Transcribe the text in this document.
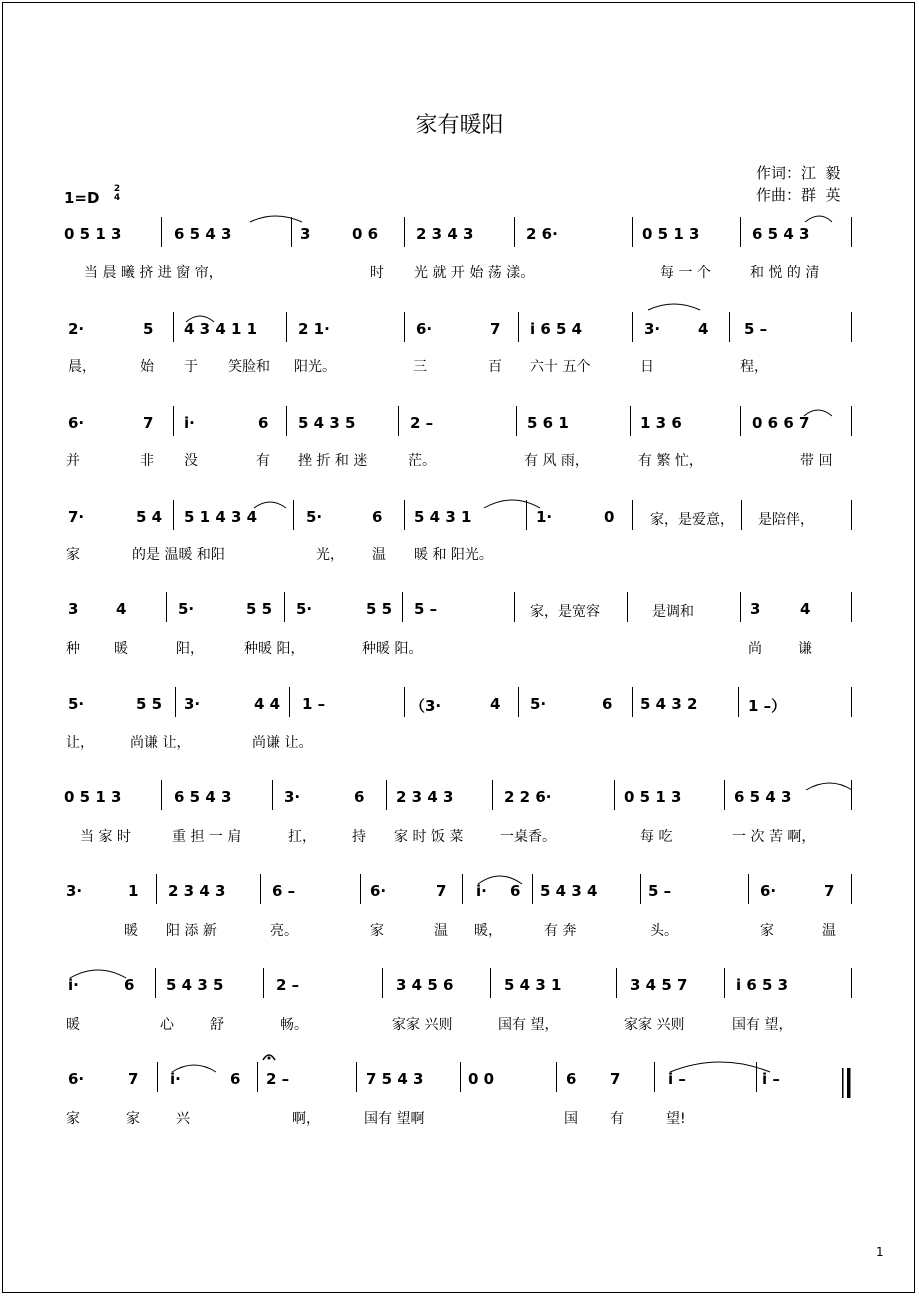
家有暖阳
作词：江  毅
作曲：群  英
1=D 2
4
0 5 1 3	6 5 4 3	3	0 6	2 3 4 3	2 6·	0 5 1 3	6 5 4 3
当 晨 曦 挤 进 窗 帘，	时 光 就 开 始 荡 漾。	每 一 个	和 悦 的 清
2·	5 4 3 4 1 1	2 1·	6·	7 i 6 5 4	3·	4 5 –
晨，	始 于 笑脸和 阳光。	三	百 六十 五个	日	程，
6·	7 i·	6 5 4 3 5	2 –	5 6 1	1 3 6	0 6 6 7
并	非 没	有 挫 折 和 迷	茫。	有 风 雨，	有 繁 忙，	带 回
7·	5 4 5 1 4 3 4	5·	6 5 4 3 1	1·	0	家，是爱意， 是陪伴，
家	的是 温暖 和阳	光， 温 暖 和 阳光。
3	4	5·	5 5 5·	5 5 5 –	4
3
家，是宽容	是调和
种 暖	阳，	种暖 阳，	种暖 阳。	尚	谦
5·	5 5 3·	4 4 1 –	（3·	4 5·	6 5 4 3 2	1 –）
让，	尚谦 让，	尚谦 让。
0 5 1 3	6 5 4 3	3·	6 2 3 4 3	2 2 6·	0 5 1 3	6 5 4 3
当 家 时	重 担 一 肩	扛，	持 家 时 饭 菜	一桌香。	每 吃	一 次 苦 啊，
3·	1 2 3 4 3	6 –	6·	7 i· 6 5 4 3 4	5 –	6·	7
暖 阳 添 新	亮。	家	温 暖，	有 奔	头。	家	温
i·	6 5 4 3 5	2 –	3 4 5 6	5 4 3 1	3 4 5 7	i 6 5 3
暖	心	舒	畅。	家家 兴则	国有 望，	家家 兴则	国有 望，
6·	7 i·	6 2 –	7 5 4 3	0 0	6 7	i –	i –
家	家	兴	啊，	国有 望啊	国 有	望!
1
